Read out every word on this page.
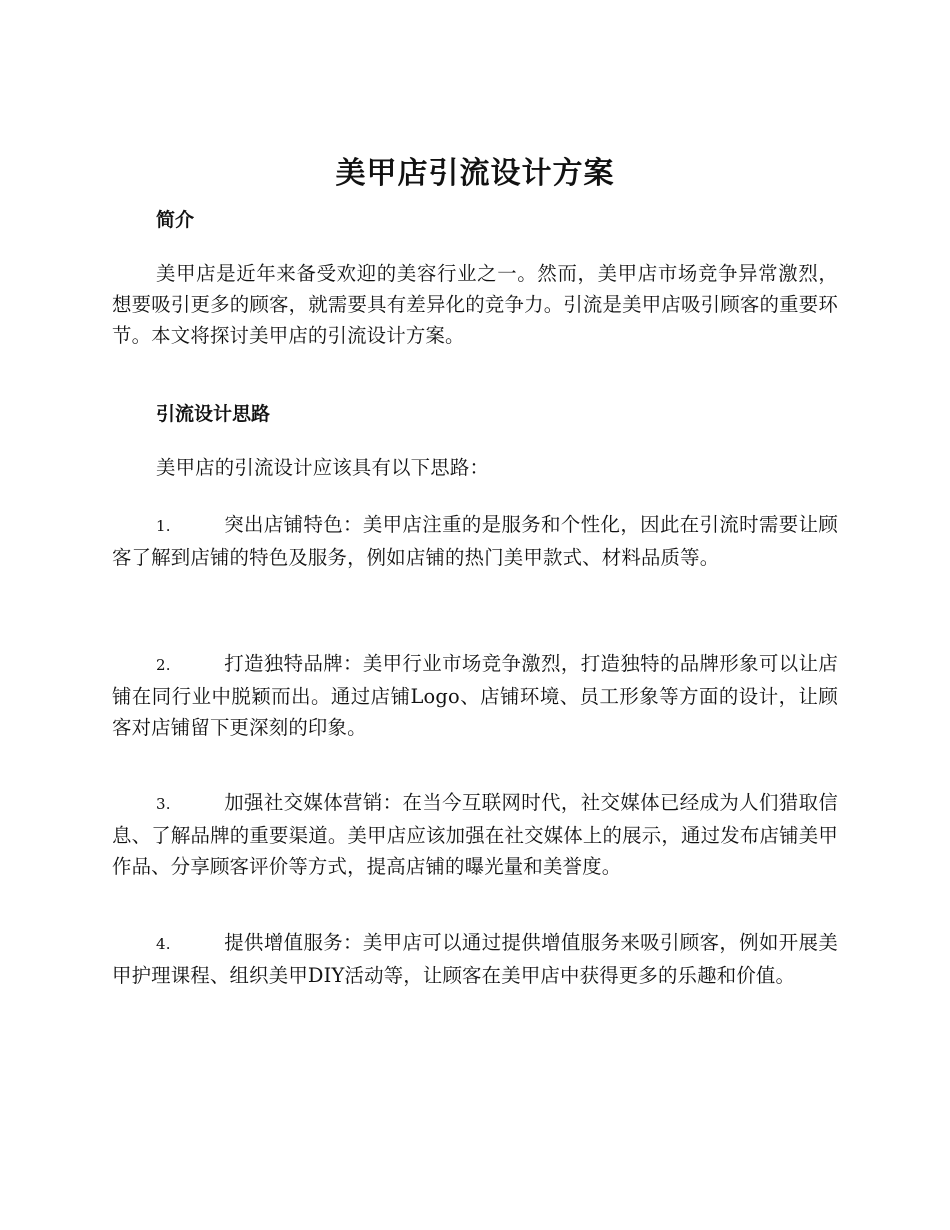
美甲店引流设计方案
简介
美甲店是近年来备受欢迎的美容行业之一。然而，美甲店市场竞争异常激烈，想要吸引更多的顾客，就需要具有差异化的竞争力。引流是美甲店吸引顾客的重要环节。本文将探讨美甲店的引流设计方案。
引流设计思路
美甲店的引流设计应该具有以下思路：
1.	突出店铺特色：美甲店注重的是服务和个性化，因此在引流时需要让顾客了解到店铺的特色及服务，例如店铺的热门美甲款式、材料品质等。
2.	打造独特品牌：美甲行业市场竞争激烈，打造独特的品牌形象可以让店铺在同行业中脱颖而出。通过店铺Logo、店铺环境、员工形象等方面的设计，让顾客对店铺留下更深刻的印象。
3.	加强社交媒体营销：在当今互联网时代，社交媒体已经成为人们猎取信息、了解品牌的重要渠道。美甲店应该加强在社交媒体上的展示，通过发布店铺美甲作品、分享顾客评价等方式，提高店铺的曝光量和美誉度。
4.	提供增值服务：美甲店可以通过提供增值服务来吸引顾客，例如开展美甲护理课程、组织美甲DIY活动等，让顾客在美甲店中获得更多的乐趣和价值。
